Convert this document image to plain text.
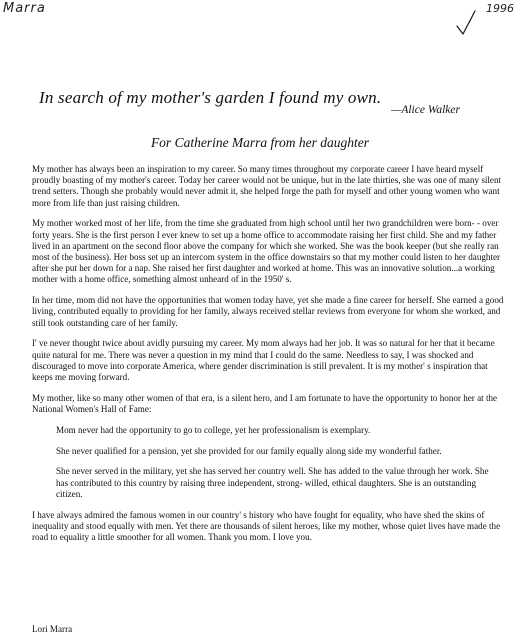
Marra	1996
In search of my mother's garden I found my own.
—Alice Walker
For Catherine Marra from her daughter

My mother has always been an inspiration to my career. So many times throughout my corporate career I have heard myself proudly boasting of my mother's career. Today her career would not be unique, but in the late thirties, she was one of many silent trend setters. Though she probably would never admit it, she helped forge the path for myself and other young women who want more from life than just raising children.

My mother worked most of her life, from the time she graduated from high school until her two grandchildren were born- - over forty years. She is the first person I ever knew to set up a home office to accommodate raising her first child. She and my father lived in an apartment on the second floor above the company for which she worked. She was the book keeper (but she really ran most of the business). Her boss set up an intercom system in the office downstairs so that my mother could listen to her daughter after she put her down for a nap. She raised her first daughter and worked at home. This was an innovative solution...a working mother with a home office, something almost unheard of in the 1950' s.

In her time, mom did not have the opportunities that women today have, yet she made a fine career for herself. She earned a good living, contributed equally to providing for her family, always received stellar reviews from everyone for whom she worked, and still took outstanding care of her family.

I' ve never thought twice about avidly pursuing my career. My mom always had her job. It was so natural for her that it became quite natural for me. There was never a question in my mind that I could do the same. Needless to say, I was shocked and discouraged to move into corporate America, where gender discrimination is still prevalent. It is my mother' s inspiration that keeps me moving forward.

My mother, like so many other women of that era, is a silent hero, and I am fortunate to have the opportunity to honor her at the National Women's Hall of Fame:

Mom never had the opportunity to go to college, yet her professionalism is exemplary.

She never qualified for a pension, yet she provided for our family equally along side my wonderful father.

She never served in the military, yet she has served her country well. She has added to the value through her work. She has contributed to this country by raising three independent, strong- willed, ethical daughters. She is an outstanding citizen.

I have always admired the famous women in our country' s history who have fought for equality, who have shed the skins of inequality and stood equally with men. Yet there are thousands of silent heroes, like my mother, whose quiet lives have made the road to equality a little smoother for all women. Thank you mom. I love you.

Lori Marra
